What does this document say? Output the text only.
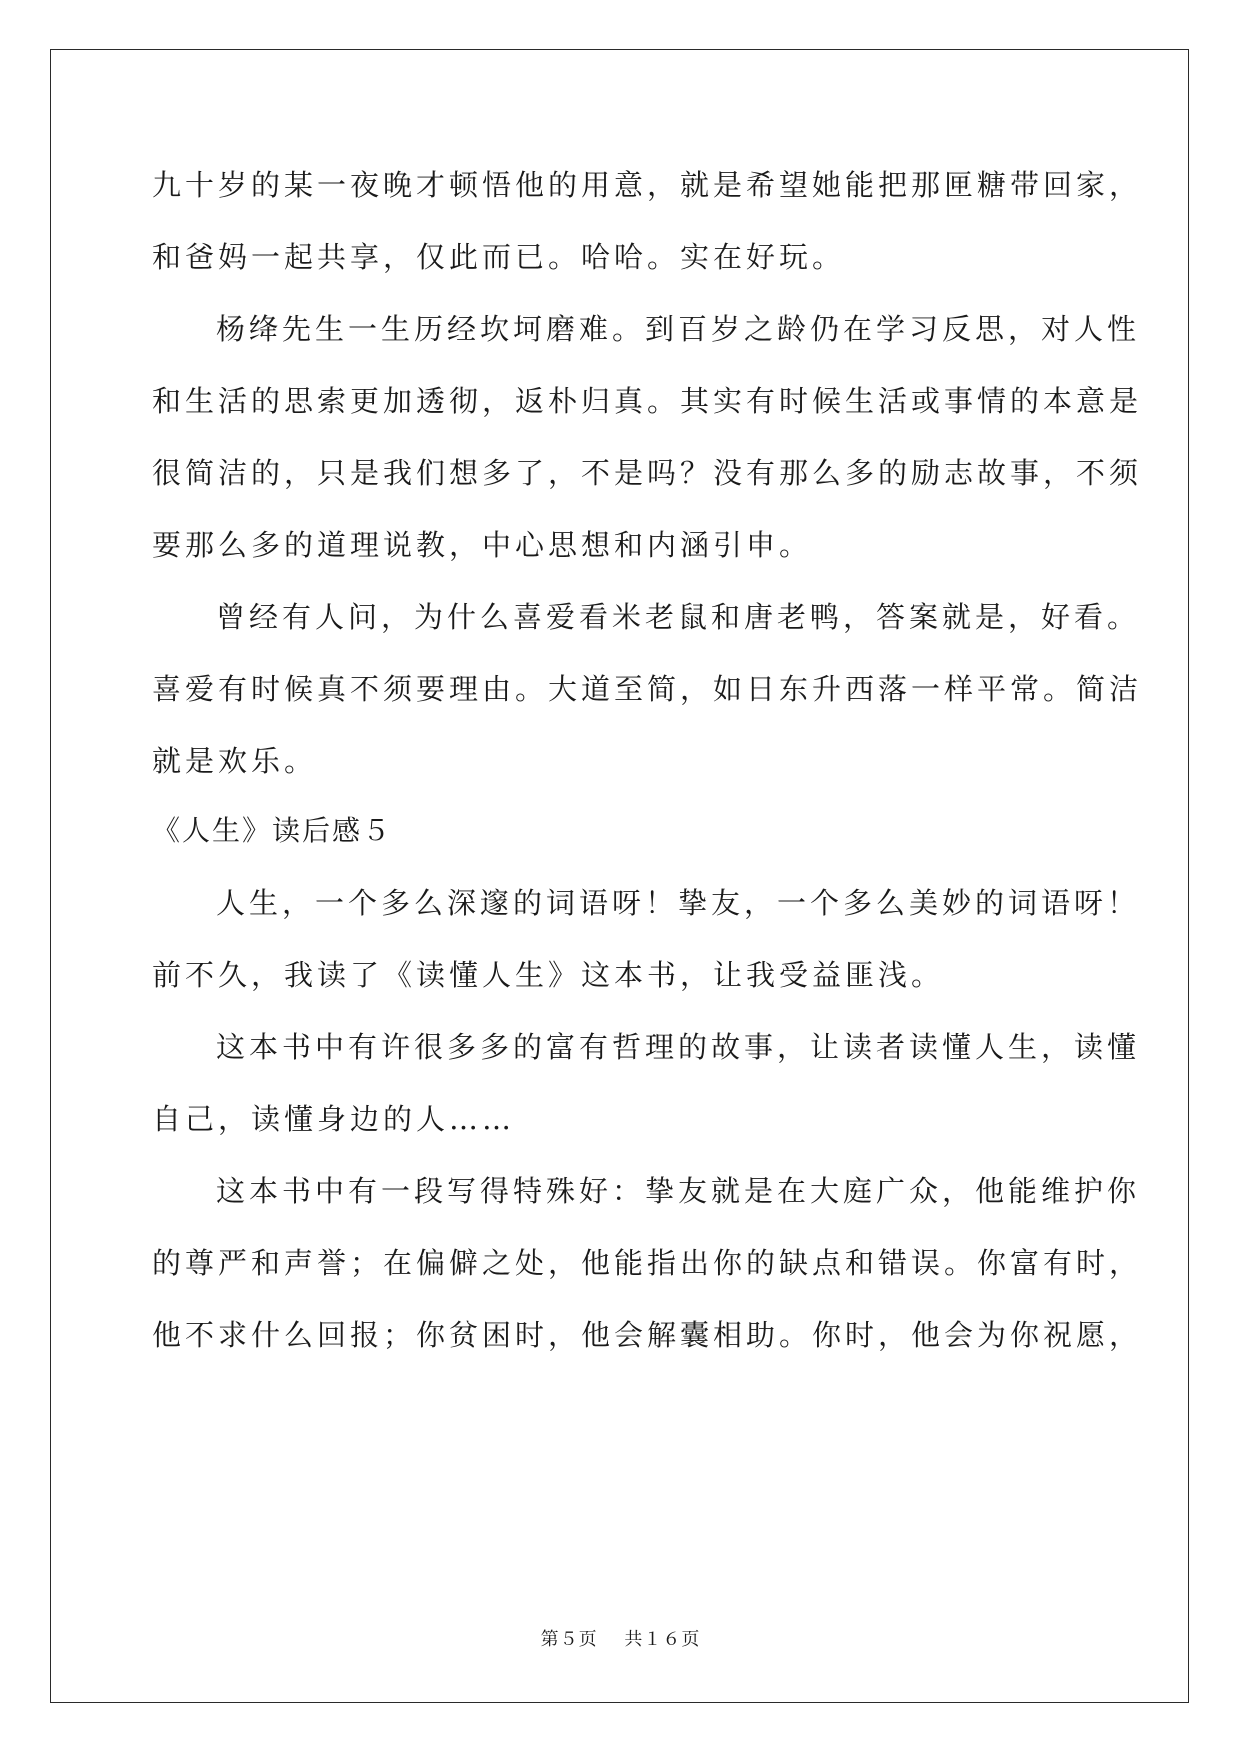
九十岁的某一夜晚才顿悟他的用意，就是希望她能把那匣糖带回家，
和爸妈一起共享，仅此而已。哈哈。实在好玩。
杨绛先生一生历经坎坷磨难。到百岁之龄仍在学习反思，对人性
和生活的思索更加透彻，返朴归真。其实有时候生活或事情的本意是
很简洁的，只是我们想多了，不是吗？没有那么多的励志故事，不须
要那么多的道理说教，中心思想和内涵引申。
曾经有人问，为什么喜爱看米老鼠和唐老鸭，答案就是，好看。
喜爱有时候真不须要理由。大道至简，如日东升西落一样平常。简洁
就是欢乐。
《人生》读后感５
人生，一个多么深邃的词语呀！挚友，一个多么美妙的词语呀！
前不久，我读了《读懂人生》这本书，让我受益匪浅。
这本书中有许很多多的富有哲理的故事，让读者读懂人生，读懂
自己，读懂身边的人……
这本书中有一段写得特殊好：挚友就是在大庭广众，他能维护你
的尊严和声誉；在偏僻之处，他能指出你的缺点和错误。你富有时，
他不求什么回报；你贫困时，他会解囊相助。你时，他会为你祝愿，
第５页 共１６页
